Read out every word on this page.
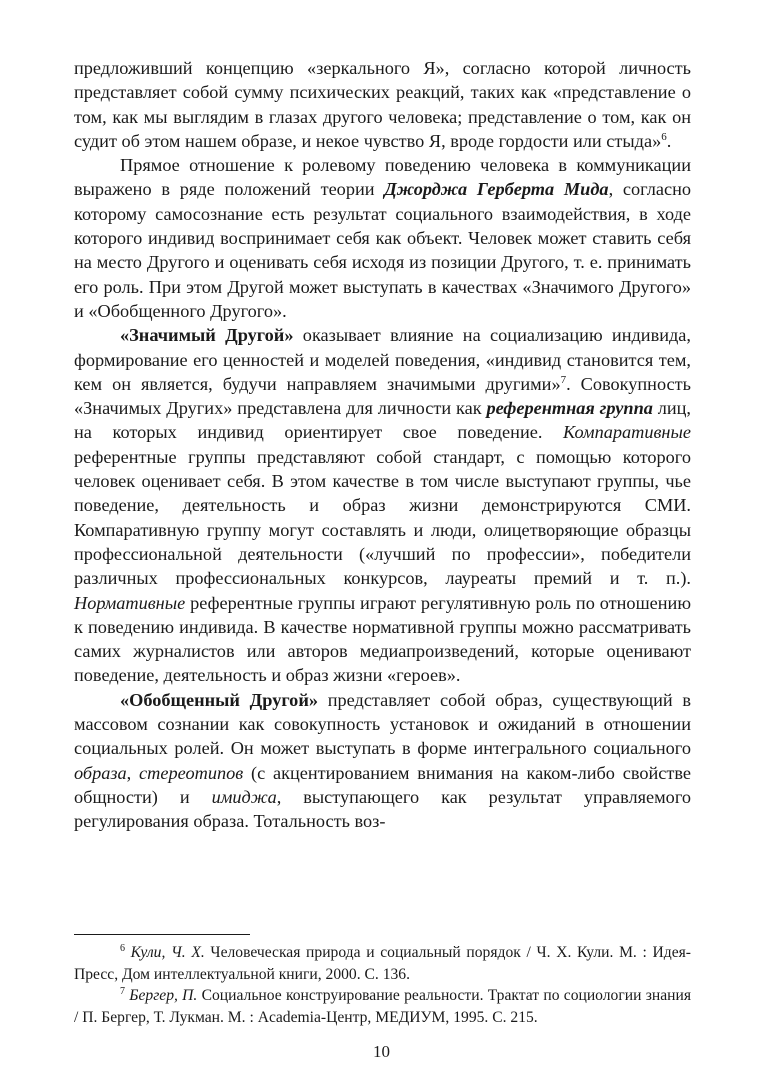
предложивший концепцию «зеркального Я», согласно которой личность представляет собой сумму психических реакций, таких как «представление о том, как мы выглядим в глазах другого человека; представление о том, как он судит об этом нашем образе, и некое чувство Я, вроде гордости или стыда»$^6$.

Прямое отношение к ролевому поведению человека в коммуникации выражено в ряде положений теории Джорджа Герберта Мида, согласно которому самосознание есть результат социального взаимодействия, в ходе которого индивид воспринимает себя как объект. Человек может ставить себя на место Другого и оценивать себя исходя из позиции Другого, т. е. принимать его роль. При этом Другой может выступать в качествах «Значимого Другого» и «Обобщенного Другого».

«Значимый Другой» оказывает влияние на социализацию индивида, формирование его ценностей и моделей поведения, «индивид становится тем, кем он является, будучи направляем значимыми другими»$^7$. Совокупность «Значимых Других» представлена для личности как референтная группа лиц, на которых индивид ориентирует свое поведение. Компаративные референтные группы представляют собой стандарт, с помощью которого человек оценивает себя. В этом качестве в том числе выступают группы, чье поведение, деятельность и образ жизни демонстрируются СМИ. Компаративную группу могут составлять и люди, олицетворяющие образцы профессиональной деятельности («лучший по профессии», победители различных профессиональных конкурсов, лауреаты премий и т. п.). Нормативные референтные группы играют регулятивную роль по отношению к поведению индивида. В качестве нормативной группы можно рассматривать самих журналистов или авторов медиапроизведений, которые оценивают поведение, деятельность и образ жизни «героев».

«Обобщенный Другой» представляет собой образ, существующий в массовом сознании как совокупность установок и ожиданий в отношении социальных ролей. Он может выступать в форме интегрального социального образа, стереотипов (с акцентированием внимания на каком-либо свойстве общности) и имиджа, выступающего как результат управляемого регулирования образа. Тотальность воз-

$^6$ Кули, Ч. Х. Человеческая природа и социальный порядок / Ч. Х. Кули. М. : Идея-Пресс, Дом интеллектуальной книги, 2000. С. 136.

$^7$ Бергер, П. Социальное конструирование реальности. Трактат по социологии знания / П. Бергер, Т. Лукман. М. : Academia-Центр, МЕДИУМ, 1995. С. 215.

10
